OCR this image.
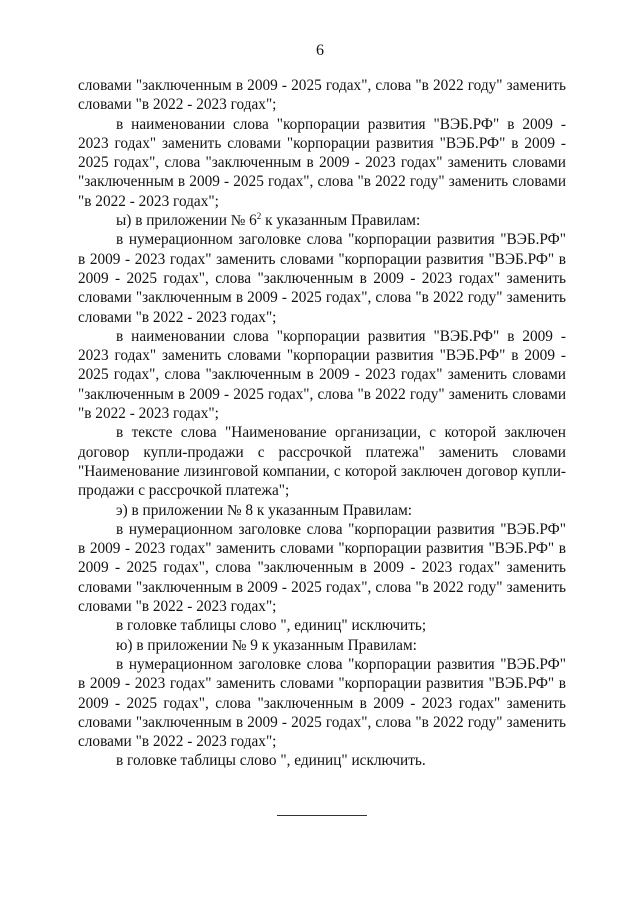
6

словами "заключенным в 2009 - 2025 годах", слова "в 2022 году" заменить словами "в 2022 - 2023 годах";

в наименовании слова "корпорации развития "ВЭБ.РФ" в 2009 - 2023 годах" заменить словами "корпорации развития "ВЭБ.РФ" в 2009 - 2025 годах", слова "заключенным в 2009 - 2023 годах" заменить словами "заключенным в 2009 - 2025 годах", слова "в 2022 году" заменить словами "в 2022 - 2023 годах";

ы) в приложении № $6^2$ к указанным Правилам:

в нумерационном заголовке слова "корпорации развития "ВЭБ.РФ" в 2009 - 2023 годах" заменить словами "корпорации развития "ВЭБ.РФ" в 2009 - 2025 годах", слова "заключенным в 2009 - 2023 годах" заменить словами "заключенным в 2009 - 2025 годах", слова "в 2022 году" заменить словами "в 2022 - 2023 годах";

в наименовании слова "корпорации развития "ВЭБ.РФ" в 2009 - 2023 годах" заменить словами "корпорации развития "ВЭБ.РФ" в 2009 - 2025 годах", слова "заключенным в 2009 - 2023 годах" заменить словами "заключенным в 2009 - 2025 годах", слова "в 2022 году" заменить словами "в 2022 - 2023 годах";

в тексте слова "Наименование организации, с которой заключен договор купли-продажи с рассрочкой платежа" заменить словами "Наименование лизинговой компании, с которой заключен договор купли-продажи с рассрочкой платежа";

э) в приложении № 8 к указанным Правилам:

в нумерационном заголовке слова "корпорации развития "ВЭБ.РФ" в 2009 - 2023 годах" заменить словами "корпорации развития "ВЭБ.РФ" в 2009 - 2025 годах", слова "заключенным в 2009 - 2023 годах" заменить словами "заключенным в 2009 - 2025 годах", слова "в 2022 году" заменить словами "в 2022 - 2023 годах";

в головке таблицы слово ", единиц" исключить;

ю) в приложении № 9 к указанным Правилам:

в нумерационном заголовке слова "корпорации развития "ВЭБ.РФ" в 2009 - 2023 годах" заменить словами "корпорации развития "ВЭБ.РФ" в 2009 - 2025 годах", слова "заключенным в 2009 - 2023 годах" заменить словами "заключенным в 2009 - 2025 годах", слова "в 2022 году" заменить словами "в 2022 - 2023 годах";

в головке таблицы слово ", единиц" исключить.
